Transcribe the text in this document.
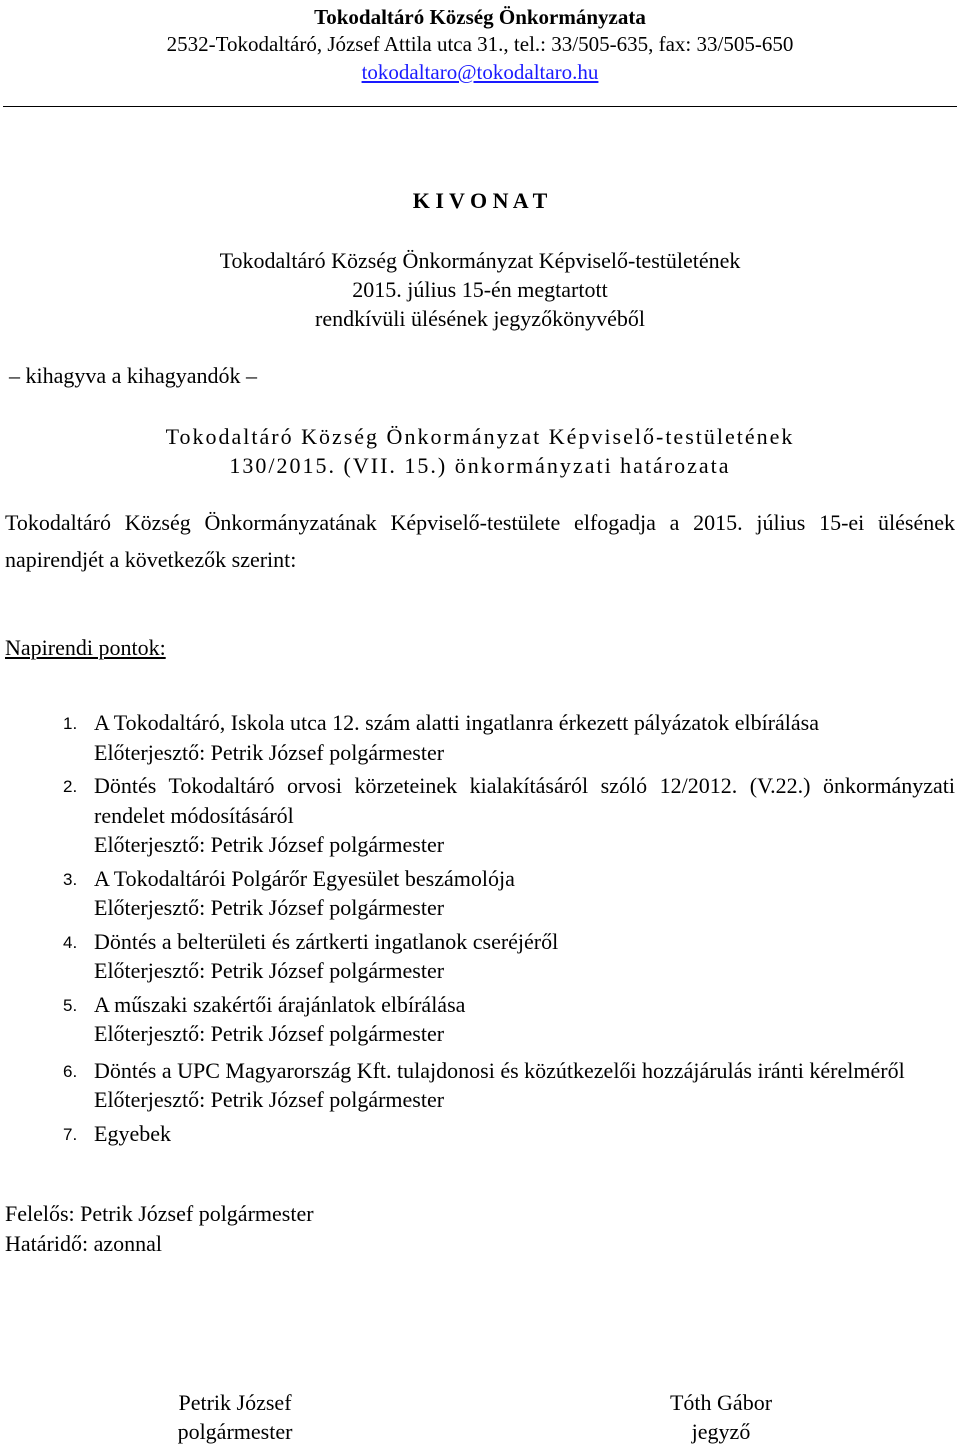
Tokodaltáró Község Önkormányzata
2532-Tokodaltáró, József Attila utca 31., tel.: 33/505-635, fax: 33/505-650
tokodaltaro@tokodaltaro.hu
K I V O N A T
Tokodaltáró Község Önkormányzat Képviselő-testületének
2015. július 15-én megtartott
rendkívüli ülésének jegyzőkönyvéből
– kihagyva a kihagyandók –
Tokodaltáró Község Önkormányzat Képviselő-testületének
130/2015. (VII. 15.) önkormányzati határozata
Tokodaltáró Község Önkormányzatának Képviselő-testülete elfogadja a 2015. július 15-ei ülésének napirendjét a következők szerint:
Napirendi pontok:
1. A Tokodaltáró, Iskola utca 12. szám alatti ingatlanra érkezett pályázatok elbírálása
Előterjesztő: Petrik József polgármester
2. Döntés Tokodaltáró orvosi körzeteinek kialakításáról szóló 12/2012. (V.22.) önkormányzati rendelet módosításáról
Előterjesztő: Petrik József polgármester
3. A Tokodaltárói Polgárőr Egyesület beszámolója
Előterjesztő: Petrik József polgármester
4. Döntés a belterületi és zártkerti ingatlanok cseréjéről
Előterjesztő: Petrik József polgármester
5. A műszaki szakértői árajánlatok elbírálása
Előterjesztő: Petrik József polgármester
6. Döntés a UPC Magyarország Kft. tulajdonosi és közútkezelői hozzájárulás iránti kérelméről
Előterjesztő: Petrik József polgármester
7. Egyebek
Felelős: Petrik József polgármester
Határidő: azonnal
Petrik József
polgármester
Tóth Gábor
jegyző
